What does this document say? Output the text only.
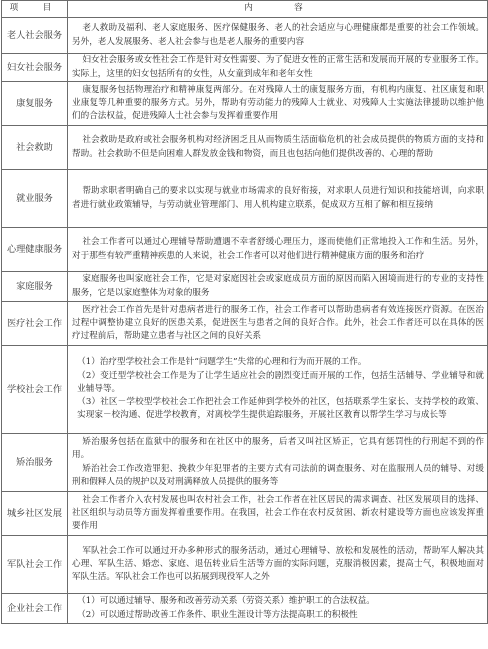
项　目	内　　容
老人社会服务	老人救助及福利、老人家庭服务、医疗保健服务、老人的社会适应与心理健康都是重要的社会工作领域。另外，老人发展服务、老人社会参与也是老人服务的重要内容

妇女社会服务	妇女社会服务或女性社会工作是针对女性需要、为了促进女性的正常生活和发展而开展的专业服务工作。实际上，这里的妇女包括所有的女性，从女童到成年和老年女性

康复服务	康复服务包括物理治疗和精神康复两部分。在对残障人士的康复服务方面，有机构内康复、社区康复和职业康复等几种重要的服务方式。另外，帮助有劳动能力的残障人士就业、对残障人士实施法律援助以维护他们的合法权益，促进残障人士社会参与发挥着重要作用

社会救助	社会救助是政府或社会服务机构对经济困乏且从而物质生活面临危机的社会成员提供的物质方面的支持和帮助。社会救助不但是向困难人群发放金钱和物资，而且也包括向他们提供改善的、心理的帮助

就业服务	帮助求职者明确自己的要求以实现与就业市场需求的良好衔接，对求职人员进行知识和技能培训，向求职者进行就业政策辅导，与劳动就业管理部门、用人机构建立联系，促成双方互相了解和相互接纳

心理健康服务	社会工作者可以通过心理辅导帮助遭遇不幸者舒缓心理压力，逐而使他们正常地投入工作和生活。另外，对于那些有较严重精神疾患的人来说，社会工作者可以对他们进行精神健康方面的服务和治疗

家庭服务	家庭服务也叫家庭社会工作，它是对家庭因社会或家庭成员方面的原因而陷入困境而进行的专业的支持性服务，它是以家庭整体为对象的服务

医疗社会工作	医疗社会工作首先是针对患病者进行的服务工作，社会工作者可以帮助患病者有效连接医疗资源。在医治过程中调整协建立良好的医患关系，促进医生与患者之间的良好合作。此外，社会工作者还可以在具体的医疗过程前后，帮助建立患者与社区之间的良好关系

学校社会工作	（1）治疗型学校社会工作是针“问题学生”失常的心理和行为而开展的工作。
（2）变迁型学校社会工作是为了让学生适应社会的剧烈变迁而开展的工作，包括生活辅导、学业辅导和就业辅导等。
（3）社区－学校型学校社会工作把社会工作延伸到学校外的社区，包括联系学生家长、支持学校的政策、实现家－校沟通、促进学校教育，对离校学生提供追踪服务，开展社区教育以帮学生学习与成长等

矫治服务	矫治服务包括在监狱中的服务和在社区中的服务，后者又叫社区矫正，它具有惩罚性的行刑起不到的作用。
矫治社会工作改造罪犯、挽救少年犯罪者的主要方式有司法前的调查服务、对在监服刑人员的辅导、对缓刑和假释人员的规护以及对刑满释放人员提供的服务等

城乡社区发展	社会工作者介入农村发展也叫农村社会工作，社会工作者在社区居民的需求调查、社区发展项目的选择、社区组织与动员等方面发挥着重要作用。在我国，社会工作在农村反贫困、新农村建设等方面也应该发挥重要作用

军队社会工作	军队社会工作可以通过开办多种形式的服务活动，通过心理辅导、放松和发展性的活动，帮助军人解决其心理、军队生活、婚恋、家庭、退伍转业后生活等方面的实际问题，克服消极因素，提高士气，积极地面对军队生活。军队社会工作也可以拓展到现役军人之外

企业社会工作	（1）可以通过辅导、服务和改善劳动关系（劳资关系）维护职工的合法权益。
（2）可以通过帮助改善工作条件、职业生涯设计等方法提高职工的积极性
